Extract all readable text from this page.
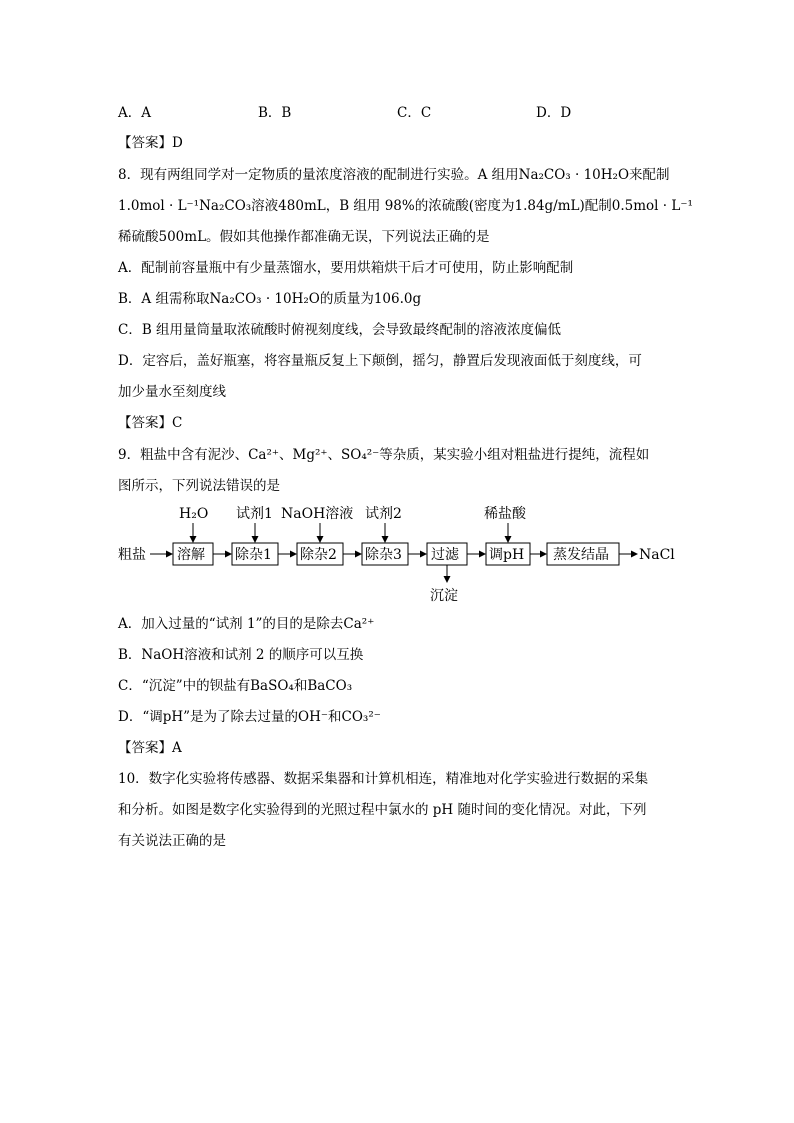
A．A	B．B	C．C	D．D
【答案】D
8．现有两组同学对一定物质的量浓度溶液的配制进行实验。A 组用Na₂CO₃ · 10H₂O来配制
1.0mol · L⁻¹Na₂CO₃溶液480mL，B 组用 98%的浓硫酸(密度为1.84g/mL)配制0.5mol · L⁻¹
稀硫酸500mL。假如其他操作都准确无误，下列说法正确的是
A．配制前容量瓶中有少量蒸馏水，要用烘箱烘干后才可使用，防止影响配制
B．A 组需称取Na₂CO₃ · 10H₂O的质量为106.0g
C．B 组用量筒量取浓硫酸时俯视刻度线，会导致最终配制的溶液浓度偏低
D．定容后，盖好瓶塞，将容量瓶反复上下颠倒，摇匀，静置后发现液面低于刻度线，可
加少量水至刻度线
【答案】C
9．粗盐中含有泥沙、Ca²⁺、Mg²⁺、SO₄²⁻等杂质，某实验小组对粗盐进行提纯，流程如
图所示，下列说法错误的是
粗盐 溶解 除杂1 除杂2 除杂3 过滤 调pH 蒸发结晶 NaCl
H₂O 试剂1 NaOH溶液 试剂2	稀盐酸
沉淀
A．加入过量的“试剂 1”的目的是除去Ca²⁺
B．NaOH溶液和试剂 2 的顺序可以互换
C．“沉淀”中的钡盐有BaSO₄和BaCO₃
D．“调pH”是为了除去过量的OH⁻和CO₃²⁻
【答案】A
10．数字化实验将传感器、数据采集器和计算机相连，精准地对化学实验进行数据的采集
和分析。如图是数字化实验得到的光照过程中氯水的 pH 随时间的变化情况。对此，下列
有关说法正确的是
